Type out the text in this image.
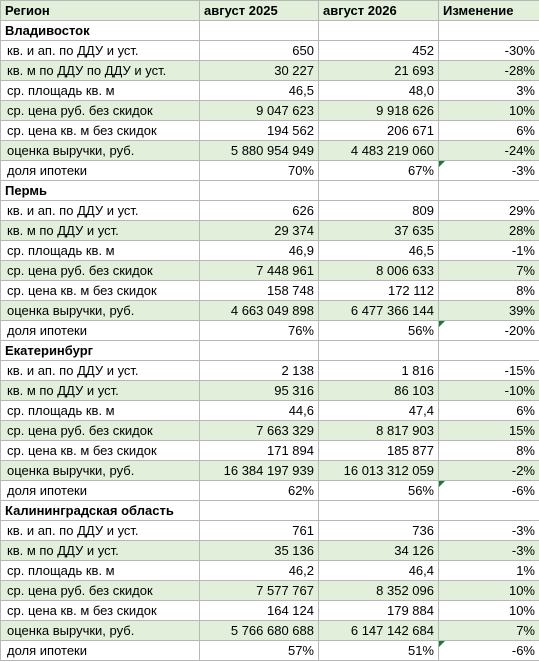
Регион	август 2025	август 2026	Изменение
Владивосток			
кв. и ап. по ДДУ и уст.	650	452	-30%
кв. м по ДДУ по ДДУ и уст.	30 227	21 693	-28%
ср. площадь кв. м	46,5	48,0	3%
ср. цена руб. без скидок	9 047 623	9 918 626	10%
ср. цена кв. м без скидок	194 562	206 671	6%
оценка выручки, руб.	5 880 954 949	4 483 219 060	-24%
доля ипотеки	70%	67%	-3%

Пермь			
кв. и ап. по ДДУ и уст.	626	809	29%
кв. м по ДДУ и уст.	29 374	37 635	28%
ср. площадь кв. м	46,9	46,5	-1%
ср. цена руб. без скидок	7 448 961	8 006 633	7%
ср. цена кв. м без скидок	158 748	172 112	8%
оценка выручки, руб.	4 663 049 898	6 477 366 144	39%
доля ипотеки	76%	56%	-20%

Екатеринбург			
кв. и ап. по ДДУ и уст.	2 138	1 816	-15%
кв. м по ДДУ и уст.	95 316	86 103	-10%
ср. площадь кв. м	44,6	47,4	6%
ср. цена руб. без скидок	7 663 329	8 817 903	15%
ср. цена кв. м без скидок	171 894	185 877	8%
оценка выручки, руб.	16 384 197 939	16 013 312 059	-2%
доля ипотеки	62%	56%	-6%

Калининградская область			
кв. и ап. по ДДУ и уст.	761	736	-3%
кв. м по ДДУ и уст.	35 136	34 126	-3%
ср. площадь кв. м	46,2	46,4	1%
ср. цена руб. без скидок	7 577 767	8 352 096	10%
ср. цена кв. м без скидок	164 124	179 884	10%
оценка выручки, руб.	5 766 680 688	6 147 142 684	7%
доля ипотеки	57%	51%	-6%
